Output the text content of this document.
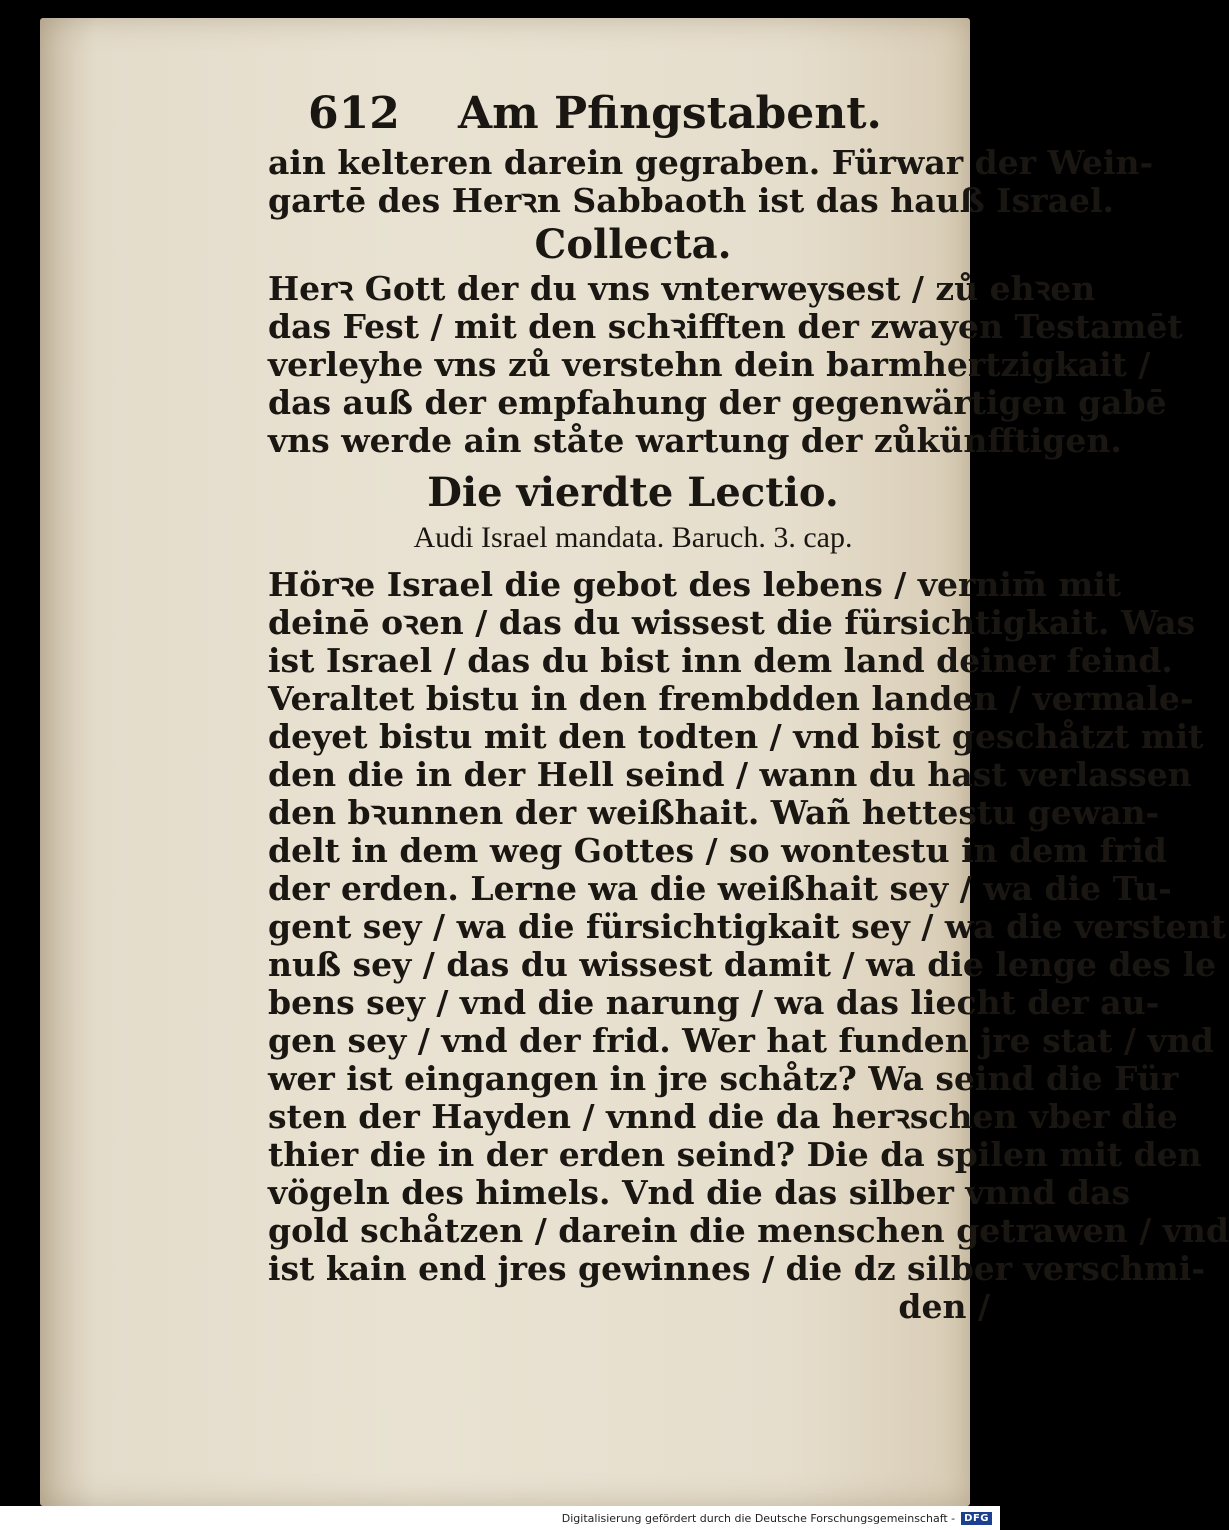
612	Am Pfingstabent.
ain kelteren darein gegraben. Fürwar der Wein-
gartē des Herꝛn Sabbaoth ist das hauß Israel.
Collecta.
Herꝛ Gott der du vns vnterweysest / zů ehꝛen
das Fest / mit den schꝛifften der zwayen Testamēt
verleyhe vns zů verstehn dein barmhertzigkait /
das auß der empfahung der gegenwärtigen gabē
vns werde ain ståte wartung der zůkünfftigen.
Die vierdte Lectio.
Audi Israel mandata. Baruch. 3. cap.
Hörꝛe Israel die gebot des lebens / vernim̄ mit
deinē oꝛen / das du wissest die fürsichtigkait. Was
ist Israel / das du bist inn dem land deiner feind.
Veraltet bistu in den frembdden landen / vermale-
deyet bistu mit den todten / vnd bist geschåtzt mit
den die in der Hell seind / wann du hast verlassen
den bꝛunnen der weißhait. Wañ hettestu gewan-
delt in dem weg Gottes / so wontestu in dem frid
der erden. Lerne wa die weißhait sey / wa die Tu-
gent sey / wa die fürsichtigkait sey / wa die verstent
nuß sey / das du wissest damit / wa die lenge des le
bens sey / vnd die narung / wa das liecht der au-
gen sey / vnd der frid. Wer hat funden jre stat / vnd
wer ist eingangen in jre schåtz? Wa seind die Für
sten der Hayden / vnnd die da herꝛschen vber die
thier die in der erden seind? Die da spilen mit den
vögeln des himels. Vnd die das silber vnnd das
gold schåtzen / darein die menschen getrawen / vnd
ist kain end jres gewinnes / die dz silber verschmi-
den /
Digitalisierung gefördert durch die Deutsche Forschungsgemeinschaft - DFG
